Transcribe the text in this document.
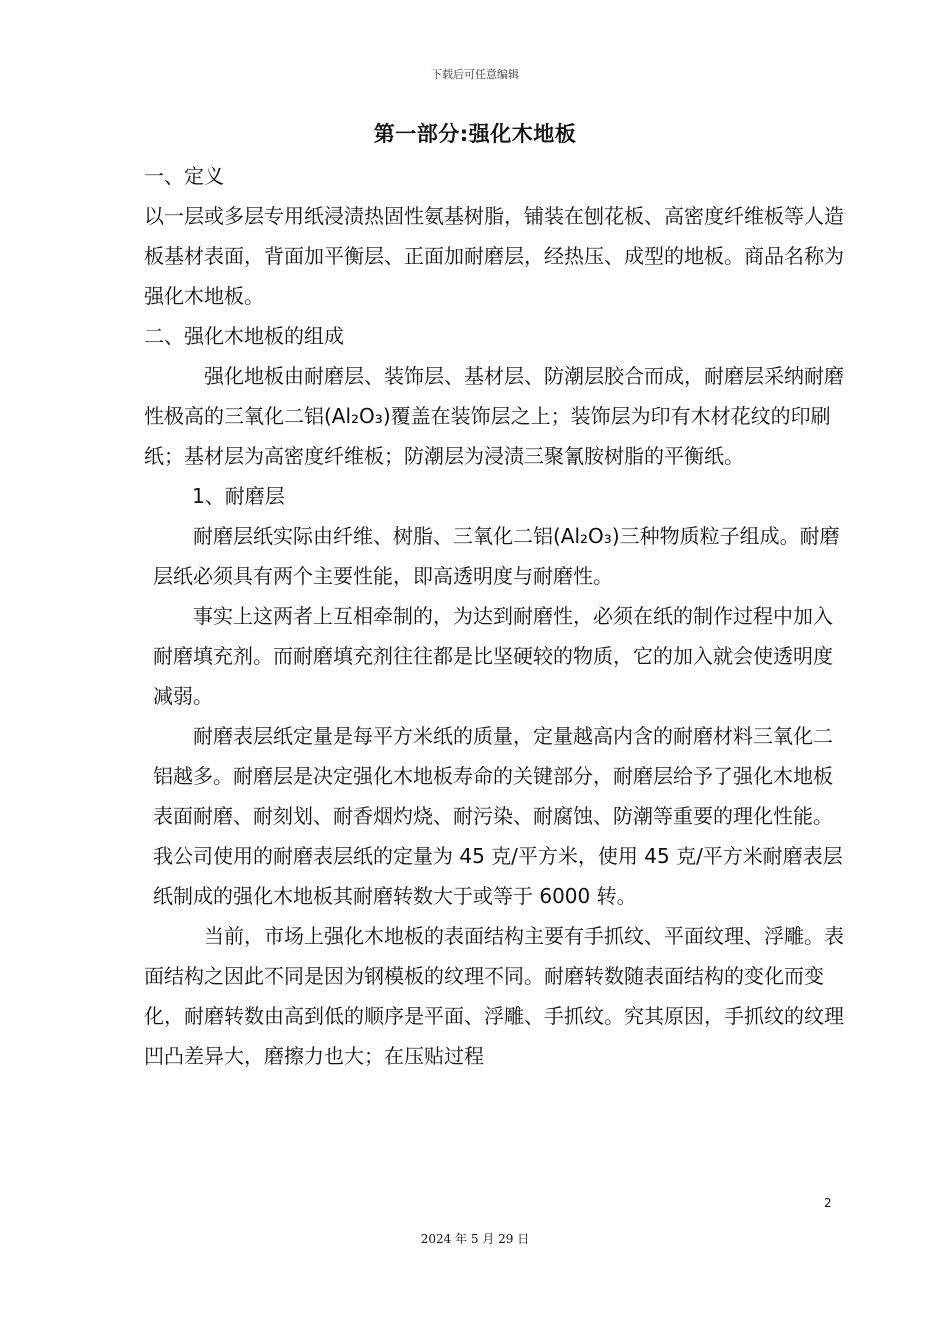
下载后可任意编辑
第一部分:强化木地板

一、定义

以一层或多层专用纸浸渍热固性氨基树脂，铺装在刨花板、高密度纤维板等人造板基材表面，背面加平衡层、正面加耐磨层，经热压、成型的地板。商品名称为强化木地板。

二、强化木地板的组成

强化地板由耐磨层、装饰层、基材层、防潮层胶合而成，耐磨层采纳耐磨性极高的三氧化二铝(Al₂O₃)覆盖在装饰层之上；装饰层为印有木材花纹的印刷纸；基材层为高密度纤维板；防潮层为浸渍三聚氰胺树脂的平衡纸。

1、耐磨层

耐磨层纸实际由纤维、树脂、三氧化二铝(Al₂O₃)三种物质粒子组成。耐磨层纸必须具有两个主要性能，即高透明度与耐磨性。

事实上这两者上互相牵制的，为达到耐磨性，必须在纸的制作过程中加入耐磨填充剂。而耐磨填充剂往往都是比坚硬较的物质，它的加入就会使透明度减弱。

耐磨表层纸定量是每平方米纸的质量，定量越高内含的耐磨材料三氧化二铝越多。耐磨层是决定强化木地板寿命的关键部分，耐磨层给予了强化木地板表面耐磨、耐刻划、耐香烟灼烧、耐污染、耐腐蚀、防潮等重要的理化性能。我公司使用的耐磨表层纸的定量为 45 克/平方米，使用 45 克/平方米耐磨表层纸制成的强化木地板其耐磨转数大于或等于 6000 转。

当前，市场上强化木地板的表面结构主要有手抓纹、平面纹理、浮雕。表面结构之因此不同是因为钢模板的纹理不同。耐磨转数随表面结构的变化而变化，耐磨转数由高到低的顺序是平面、浮雕、手抓纹。究其原因，手抓纹的纹理凹凸差异大，磨擦力也大；在压贴过程

2
2024 年 5 月 29 日
